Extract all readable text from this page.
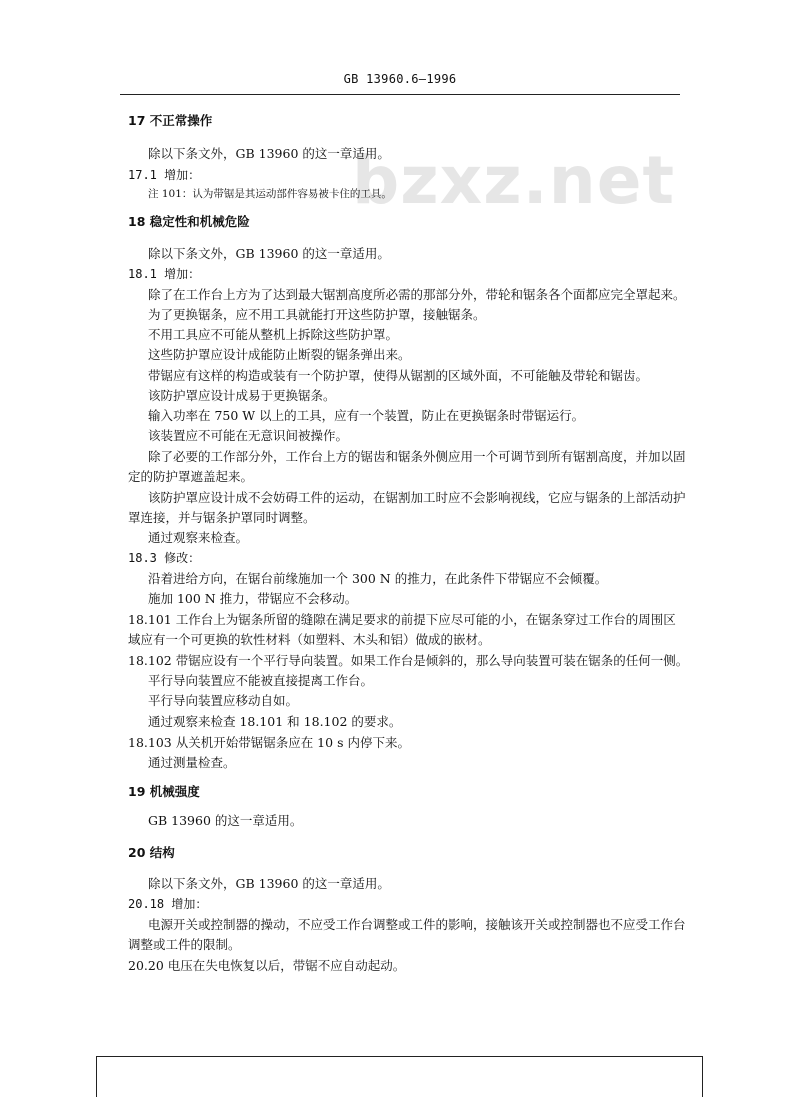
GB 13960.6—1996
bzxz.net
17 不正常操作
除以下条文外，GB 13960 的这一章适用。
17.1 增加：
注 101：认为带锯是其运动部件容易被卡住的工具。
18 稳定性和机械危险
除以下条文外，GB 13960 的这一章适用。
18.1 增加：
除了在工作台上方为了达到最大锯割高度所必需的那部分外，带轮和锯条各个面都应完全罩起来。
为了更换锯条，应不用工具就能打开这些防护罩，接触锯条。
不用工具应不可能从整机上拆除这些防护罩。
这些防护罩应设计成能防止断裂的锯条弹出来。
带锯应有这样的构造或装有一个防护罩，使得从锯割的区域外面，不可能触及带轮和锯齿。
该防护罩应设计成易于更换锯条。
输入功率在 750 W 以上的工具，应有一个装置，防止在更换锯条时带锯运行。
该装置应不可能在无意识间被操作。
除了必要的工作部分外，工作台上方的锯齿和锯条外侧应用一个可调节到所有锯割高度，并加以固
定的防护罩遮盖起来。
该防护罩应设计成不会妨碍工件的运动，在锯割加工时应不会影响视线，它应与锯条的上部活动护
罩连接，并与锯条护罩同时调整。
通过观察来检查。
18.3 修改：
沿着进给方向，在锯台前缘施加一个 300 N 的推力，在此条件下带锯应不会倾覆。
施加 100 N 推力，带锯应不会移动。
18.101 工作台上为锯条所留的缝隙在满足要求的前提下应尽可能的小，在锯条穿过工作台的周围区
域应有一个可更换的软性材料（如塑料、木头和铝）做成的嵌材。
18.102 带锯应设有一个平行导向装置。如果工作台是倾斜的，那么导向装置可装在锯条的任何一侧。
平行导向装置应不能被直接提离工作台。
平行导向装置应移动自如。
通过观察来检查 18.101 和 18.102 的要求。
18.103 从关机开始带锯锯条应在 10 s 内停下来。
通过测量检查。
19 机械强度
GB 13960 的这一章适用。
20 结构
除以下条文外，GB 13960 的这一章适用。
20.18 增加：
电源开关或控制器的操动，不应受工作台调整或工件的影响，接触该开关或控制器也不应受工作台
调整或工件的限制。
20.20 电压在失电恢复以后，带锯不应自动起动。
